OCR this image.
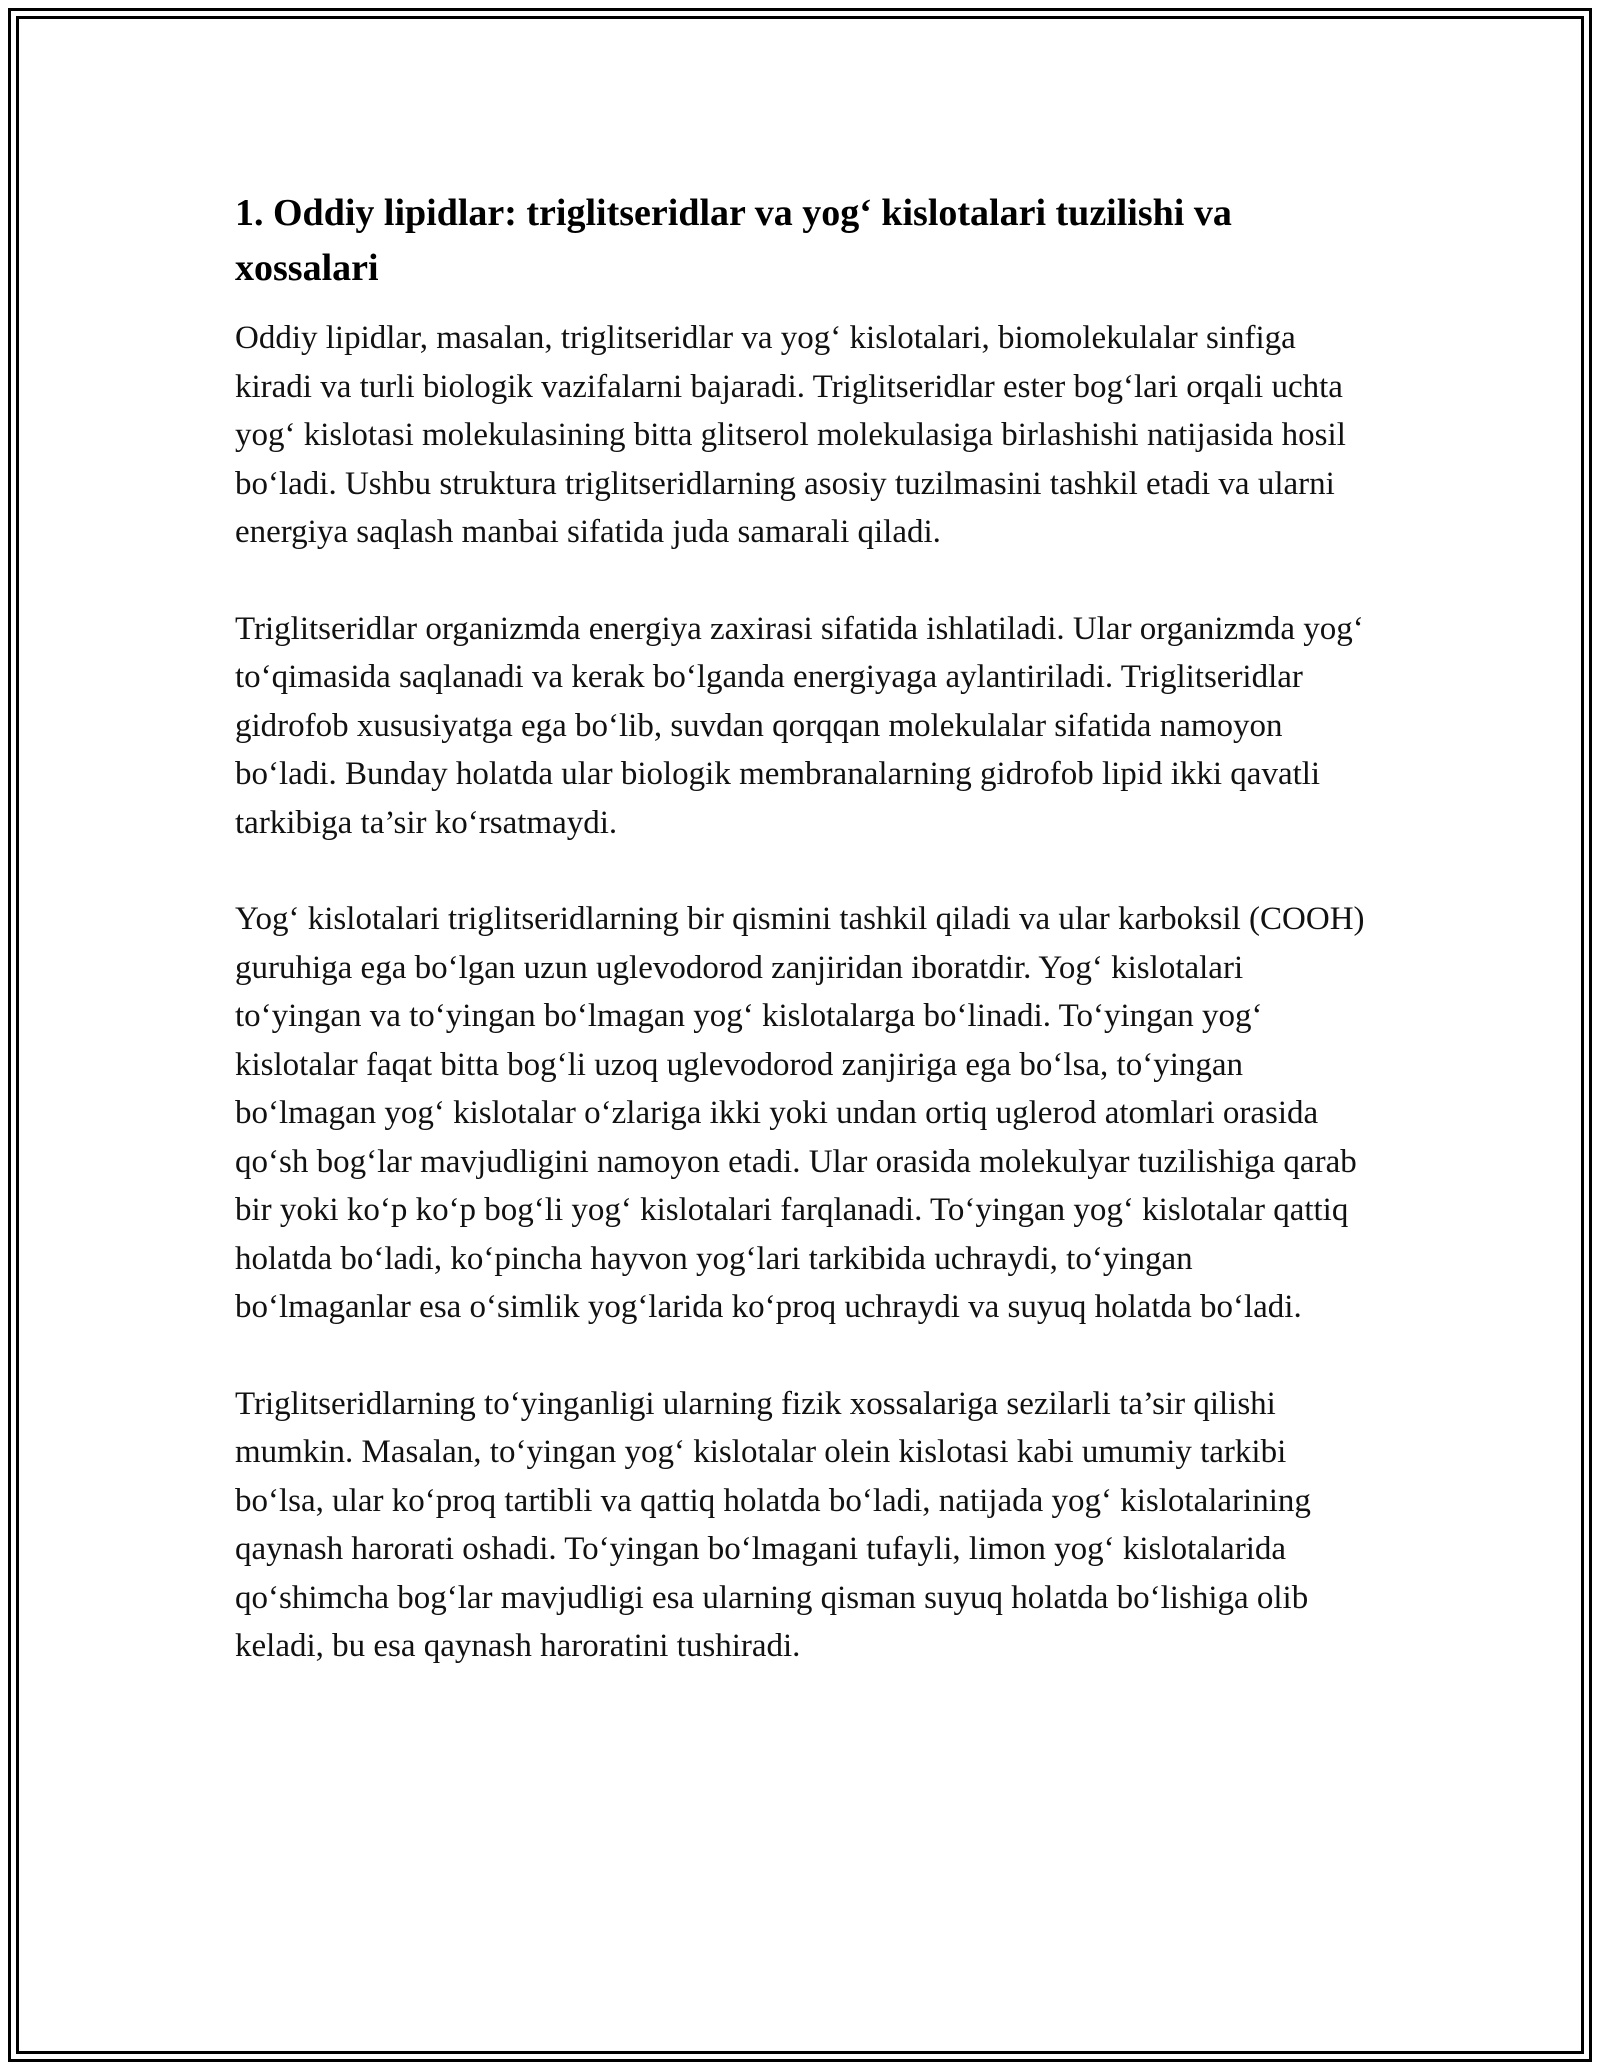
1. Oddiy lipidlar: triglitseridlar va yog‘ kislotalari tuzilishi va xossalari

Oddiy lipidlar, masalan, triglitseridlar va yog‘ kislotalari, biomolekulalar sinfiga kiradi va turli biologik vazifalarni bajaradi. Triglitseridlar ester bog‘lari orqali uchta yog‘ kislotasi molekulasining bitta glitserol molekulasiga birlashishi natijasida hosil bo‘ladi. Ushbu struktura triglitseridlarning asosiy tuzilmasini tashkil etadi va ularni energiya saqlash manbai sifatida juda samarali qiladi.

Triglitseridlar organizmda energiya zaxirasi sifatida ishlatiladi. Ular organizmda yog‘ to‘qimasida saqlanadi va kerak bo‘lganda energiyaga aylantiriladi. Triglitseridlar gidrofob xususiyatga ega bo‘lib, suvdan qorqqan molekulalar sifatida namoyon bo‘ladi. Bunday holatda ular biologik membranalarning gidrofob lipid ikki qavatli tarkibiga ta’sir ko‘rsatmaydi.

Yog‘ kislotalari triglitseridlarning bir qismini tashkil qiladi va ular karboksil (COOH) guruhiga ega bo‘lgan uzun uglevodorod zanjiridan iboratdir. Yog‘ kislotalari to‘yingan va to‘yingan bo‘lmagan yog‘ kislotalarga bo‘linadi. To‘yingan yog‘ kislotalar faqat bitta bog‘li uzoq uglevodorod zanjiriga ega bo‘lsa, to‘yingan bo‘lmagan yog‘ kislotalar o‘zlariga ikki yoki undan ortiq uglerod atomlari orasida qo‘sh bog‘lar mavjudligini namoyon etadi. Ular orasida molekulyar tuzilishiga qarab bir yoki ko‘p ko‘p bog‘li yog‘ kislotalari farqlanadi. To‘yingan yog‘ kislotalar qattiq holatda bo‘ladi, ko‘pincha hayvon yog‘lari tarkibida uchraydi, to‘yingan bo‘lmaganlar esa o‘simlik yog‘larida ko‘proq uchraydi va suyuq holatda bo‘ladi.

Triglitseridlarning to‘yinganligi ularning fizik xossalariga sezilarli ta’sir qilishi mumkin. Masalan, to‘yingan yog‘ kislotalar olein kislotasi kabi umumiy tarkibi bo‘lsa, ular ko‘proq tartibli va qattiq holatda bo‘ladi, natijada yog‘ kislotalarining qaynash harorati oshadi. To‘yingan bo‘lmagani tufayli, limon yog‘ kislotalarida qo‘shimcha bog‘lar mavjudligi esa ularning qisman suyuq holatda bo‘lishiga olib keladi, bu esa qaynash haroratini tushiradi.
